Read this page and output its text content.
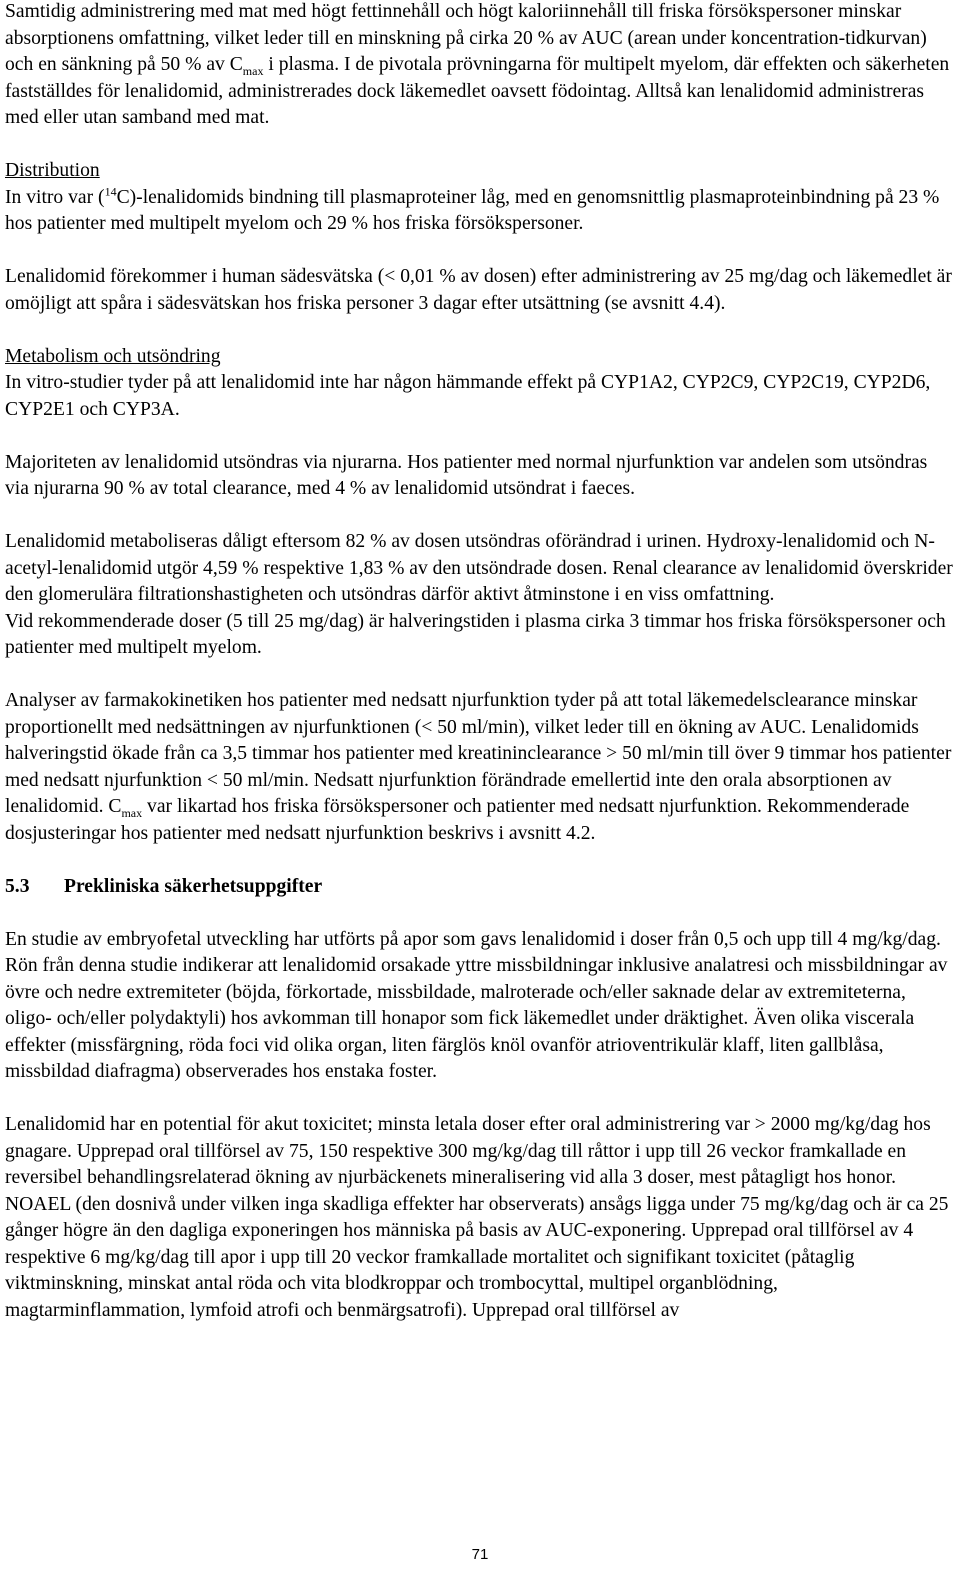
Samtidig administrering med mat med högt fettinnehåll och högt kaloriinnehåll till friska försökspersoner minskar absorptionens omfattning, vilket leder till en minskning på cirka 20 % av AUC (arean under koncentration-tidkurvan) och en sänkning på 50 % av $C_{max}$ i plasma. I de pivotala prövningarna för multipelt myelom, där effekten och säkerheten fastställdes för lenalidomid, administrerades dock läkemedlet oavsett födointag. Alltså kan lenalidomid administreras med eller utan samband med mat.

Distribution

In vitro var ($^{14}$C)-lenalidomids bindning till plasmaproteiner låg, med en genomsnittlig plasmaproteinbindning på 23 % hos patienter med multipelt myelom och 29 % hos friska försökspersoner.

Lenalidomid förekommer i human sädesvätska (< 0,01 % av dosen) efter administrering av 25 mg/dag och läkemedlet är omöjligt att spåra i sädesvätskan hos friska personer 3 dagar efter utsättning (se avsnitt 4.4).

Metabolism och utsöndring

In vitro-studier tyder på att lenalidomid inte har någon hämmande effekt på CYP1A2, CYP2C9, CYP2C19, CYP2D6, CYP2E1 och CYP3A.

Majoriteten av lenalidomid utsöndras via njurarna. Hos patienter med normal njurfunktion var andelen som utsöndras via njurarna 90 % av total clearance, med 4 % av lenalidomid utsöndrat i faeces.

Lenalidomid metaboliseras dåligt eftersom 82 % av dosen utsöndras oförändrad i urinen. Hydroxy-lenalidomid och N-acetyl-lenalidomid utgör 4,59 % respektive 1,83 % av den utsöndrade dosen. Renal clearance av lenalidomid överskrider den glomerulära filtrationshastigheten och utsöndras därför aktivt åtminstone i en viss omfattning.

Vid rekommenderade doser (5 till 25 mg/dag) är halveringstiden i plasma cirka 3 timmar hos friska försökspersoner och patienter med multipelt myelom.

Analyser av farmakokinetiken hos patienter med nedsatt njurfunktion tyder på att total läkemedelsclearance minskar proportionellt med nedsättningen av njurfunktionen (< 50 ml/min), vilket leder till en ökning av AUC. Lenalidomids halveringstid ökade från ca 3,5 timmar hos patienter med kreatininclearance > 50 ml/min till över 9 timmar hos patienter med nedsatt njurfunktion < 50 ml/min. Nedsatt njurfunktion förändrade emellertid inte den orala absorptionen av lenalidomid. $C_{max}$ var likartad hos friska försökspersoner och patienter med nedsatt njurfunktion. Rekommenderade dosjusteringar hos patienter med nedsatt njurfunktion beskrivs i avsnitt 4.2.

5.3 Prekliniska säkerhetsuppgifter

En studie av embryofetal utveckling har utförts på apor som gavs lenalidomid i doser från 0,5 och upp till 4 mg/kg/dag. Rön från denna studie indikerar att lenalidomid orsakade yttre missbildningar inklusive analatresi och missbildningar av övre och nedre extremiteter (böjda, förkortade, missbildade, malroterade och/eller saknade delar av extremiteterna, oligo- och/eller polydaktyli) hos avkomman till honapor som fick läkemedlet under dräktighet. Även olika viscerala effekter (missfärgning, röda foci vid olika organ, liten färglös knöl ovanför atrioventrikulär klaff, liten gallblåsa, missbildad diafragma) observerades hos enstaka foster.

Lenalidomid har en potential för akut toxicitet; minsta letala doser efter oral administrering var > 2000 mg/kg/dag hos gnagare. Upprepad oral tillförsel av 75, 150 respektive 300 mg/kg/dag till råttor i upp till 26 veckor framkallade en reversibel behandlingsrelaterad ökning av njurbäckenets mineralisering vid alla 3 doser, mest påtagligt hos honor. NOAEL (den dosnivå under vilken inga skadliga effekter har observerats) ansågs ligga under 75 mg/kg/dag och är ca 25 gånger högre än den dagliga exponeringen hos människa på basis av AUC-exponering. Upprepad oral tillförsel av 4 respektive 6 mg/kg/dag till apor i upp till 20 veckor framkallade mortalitet och signifikant toxicitet (påtaglig viktminskning, minskat antal röda och vita blodkroppar och trombocyttal, multipel organblödning, magtarminflammation, lymfoid atrofi och benmärgsatrofi). Upprepad oral tillförsel av

71
